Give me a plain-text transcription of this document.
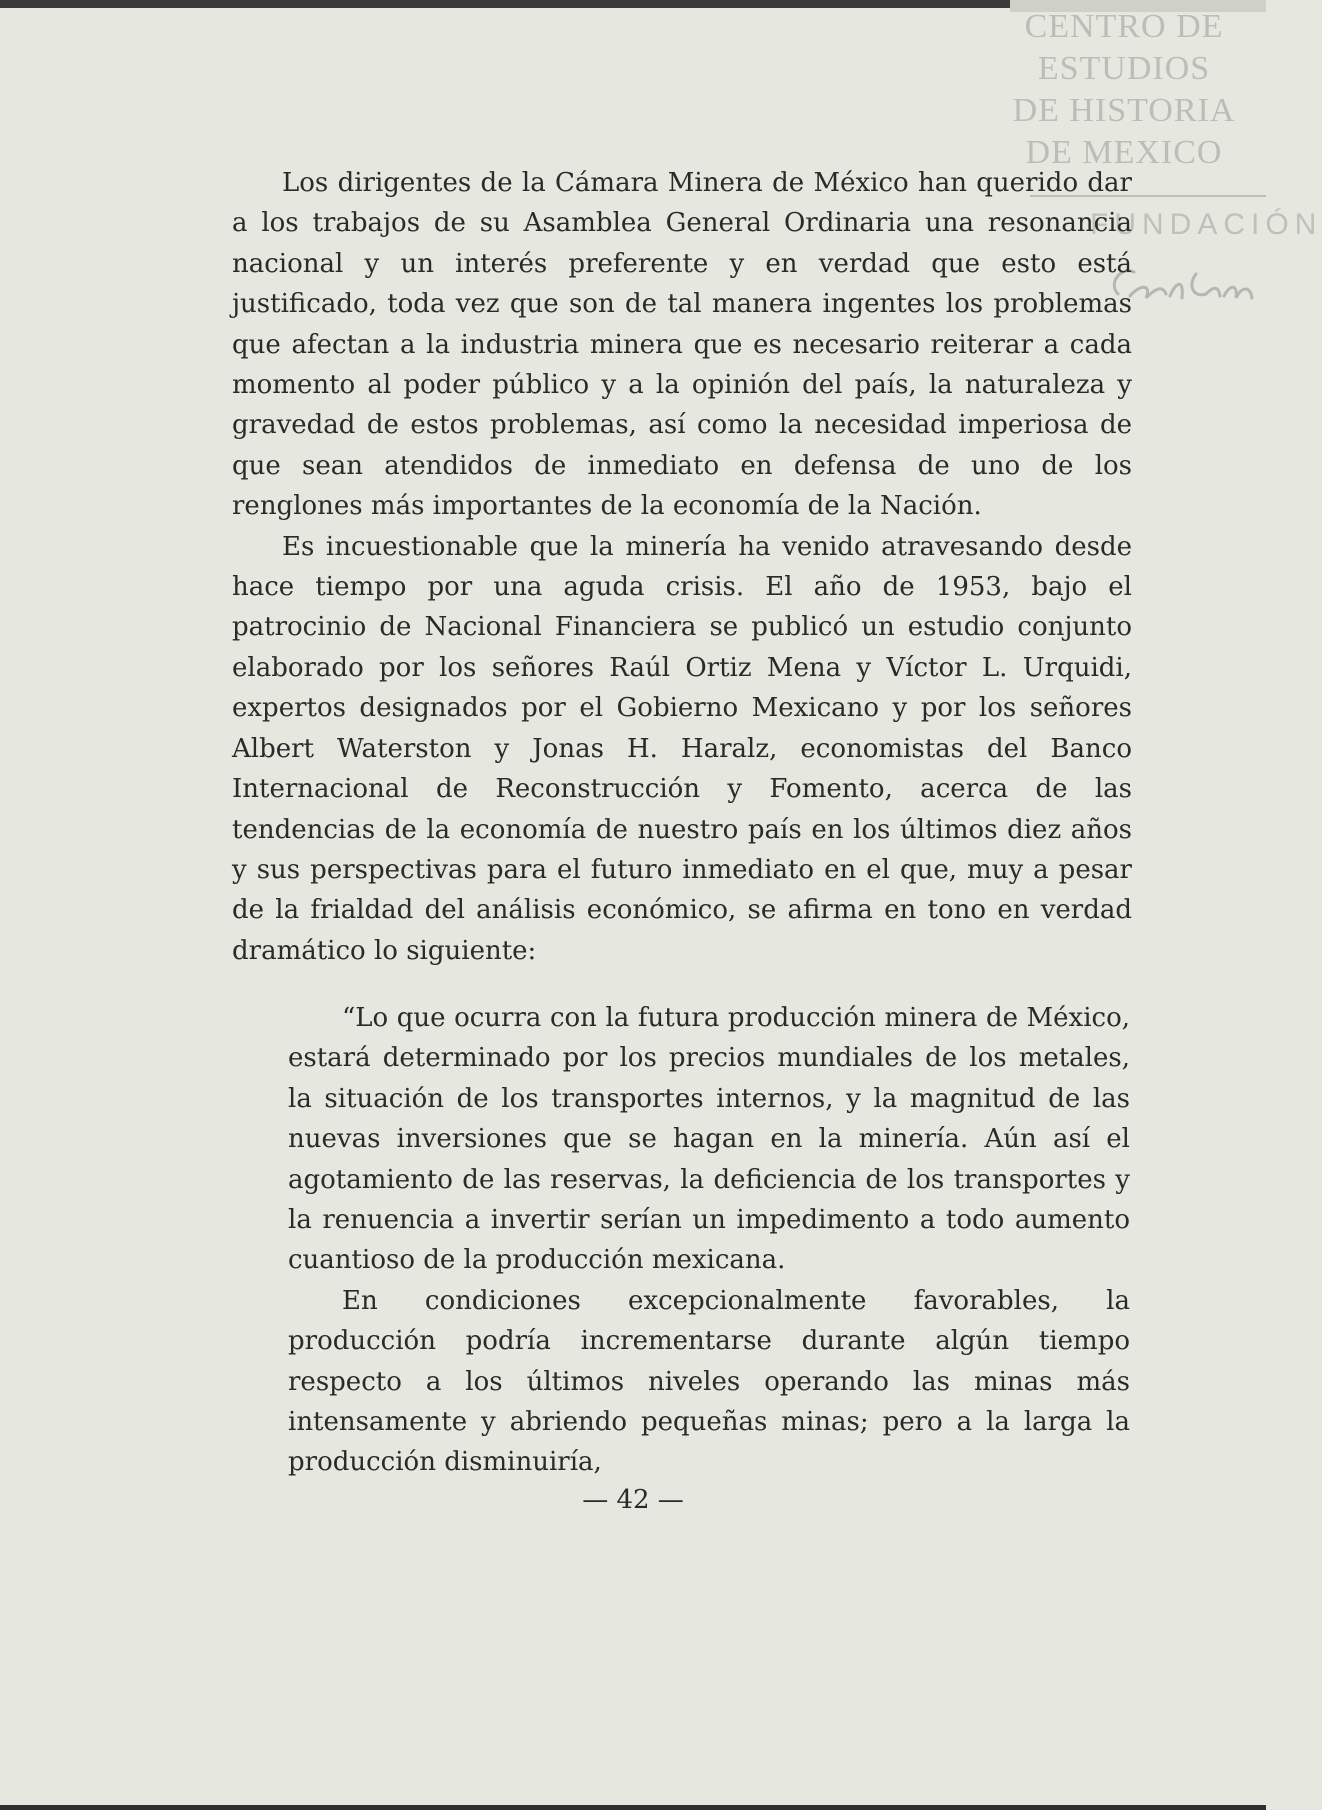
CENTRO DE
ESTUDIOS
DE HISTORIA
DE MEXICO
FUNDACIÓN

Los dirigentes de la Cámara Minera de México han querido dar a los trabajos de su Asamblea General Ordinaria una resonancia nacional y un interés preferente y en verdad que esto está justificado, toda vez que son de tal manera ingentes los problemas que afectan a la industria minera que es necesario reiterar a cada momento al poder público y a la opinión del país, la naturaleza y gravedad de estos problemas, así como la necesidad imperiosa de que sean atendidos de inmediato en defensa de uno de los renglones más importantes de la economía de la Nación.

Es incuestionable que la minería ha venido atravesando desde hace tiempo por una aguda crisis. El año de 1953, bajo el patrocinio de Nacional Financiera se publicó un estudio conjunto elaborado por los señores Raúl Ortiz Mena y Víctor L. Urquidi, expertos designados por el Gobierno Mexicano y por los señores Albert Waterston y Jonas H. Haralz, economistas del Banco Internacional de Reconstrucción y Fomento, acerca de las tendencias de la economía de nuestro país en los últimos diez años y sus perspectivas para el futuro inmediato en el que, muy a pesar de la frialdad del análisis económico, se afirma en tono en verdad dramático lo siguiente:

“Lo que ocurra con la futura producción minera de México, estará determinado por los precios mundiales de los metales, la situación de los transportes internos, y la magnitud de las nuevas inversiones que se hagan en la minería. Aún así el agotamiento de las reservas, la deficiencia de los transportes y la renuencia a invertir serían un impedimento a todo aumento cuantioso de la producción mexicana.

En condiciones excepcionalmente favorables, la producción podría incrementarse durante algún tiempo respecto a los últimos niveles operando las minas más intensamente y abriendo pequeñas minas; pero a la larga la producción disminuiría,

— 42 —
